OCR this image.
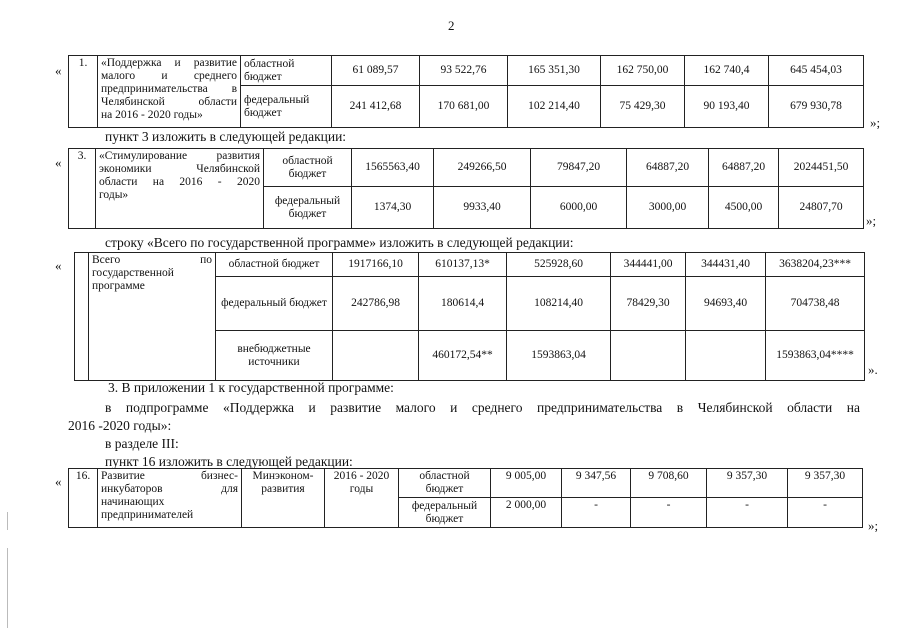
2
« 1.	«Поддержка и развитие
малого и среднего
предпринимательства в
Челябинской области
на 2016 - 2020 годы»	областной бюджет	61 089,57	93 522,76	165 351,30	162 750,00	162 740,4	645 454,03
		федеральный бюджет	241 412,68	170 681,00	102 214,40	75 429,30	90 193,40	679 930,78
»;
пункт 3 изложить в следующей редакции:
« 3.	«Стимулирование развития
экономики Челябинской
области на 2016 - 2020
годы»	областной бюджет	1565563,40	249266,50	79847,20	64887,20	64887,20	2024451,50
		федеральный бюджет	1374,30	9933,40	6000,00	3000,00	4500,00	24807,70
»;
строку «Всего по государственной программе» изложить в следующей редакции:
«

	Всего по
государственной
программе	областной бюджет	1917166,10	610137,13*	525928,60	344441,00	344431,40	3638204,23***
		федеральный бюджет	242786,98	180614,4	108214,40	78429,30	94693,40	704738,48
		внебюджетные источники		460172,54**	1593863,04			1593863,04****
».
3. В приложении 1 к государственной программе:
в подпрограмме «Поддержка и развитие малого и среднего предпринимательства в Челябинской области на
2016 -2020 годы»:
в разделе III:
пункт 16 изложить в следующей редакции:
« 16.	Развитие бизнес-
инкубаторов для
начинающих
предпринимателей	Минэконом-развития	2016 - 2020 годы	областной бюджет	9 005,00	9 347,56	9 708,60	9 357,30	9 357,30
				федеральный бюджет	2 000,00	-	-	-	-
»;
